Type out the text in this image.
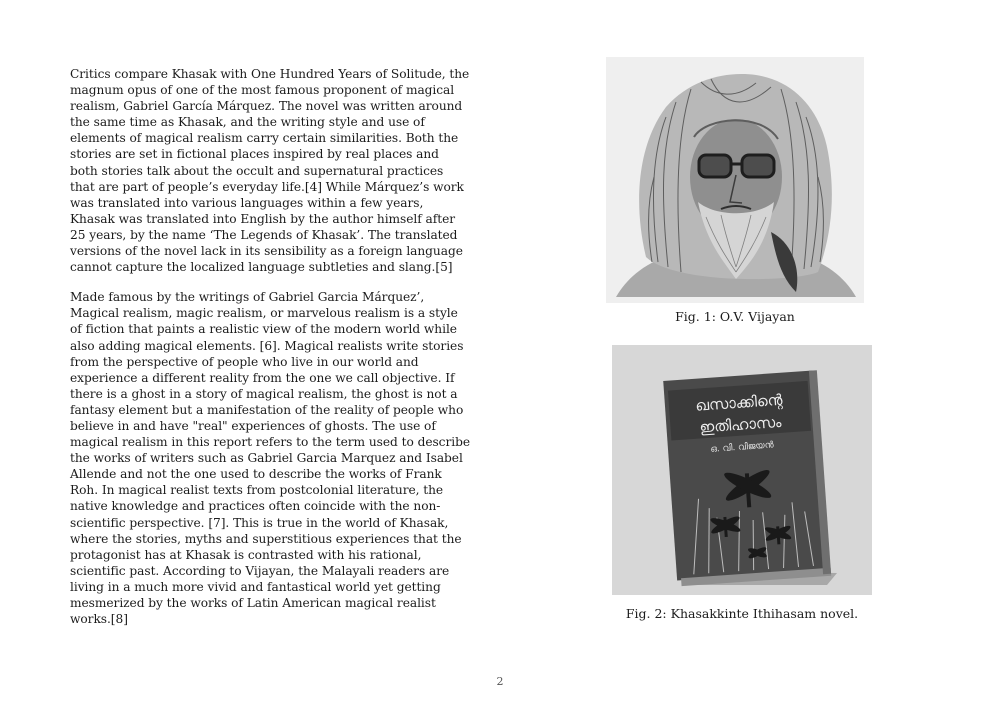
Critics compare Khasak with One Hundred Years of Solitude, the magnum opus of one of the most famous proponent of magical realism, Gabriel García Márquez. The novel was written around the same time as Khasak, and the writing style and use of elements of magical realism carry certain similarities. Both the stories are set in fictional places inspired by real places and both stories talk about the occult and supernatural practices that are part of people’s everyday life.[4] While Márquez’s work was translated into various languages within a few years, Khasak was translated into English by the author himself after 25 years, by the name ‘The Legends of Khasak’. The translated versions of the novel lack in its sensibility as a foreign language cannot capture the localized language subtleties and slang.[5]

Made famous by the writings of Gabriel Garcia Márquez’, Magical realism, magic realism, or marvelous realism is a style of fiction that paints a realistic view of the modern world while also adding magical elements. [6]. Magical realists write stories from the perspective of people who live in our world and experience a different reality from the one we call objective. If there is a ghost in a story of magical realism, the ghost is not a fantasy element but a manifestation of the reality of people who believe in and have "real" experiences of ghosts. The use of magical realism in this report refers to the term used to describe the works of writers such as Gabriel Garcia Marquez and Isabel Allende and not the one used to describe the works of Frank Roh. In magical realist texts from postcolonial literature, the native knowledge and practices often coincide with the non-scientific perspective. [7]. This is true in the world of Khasak, where the stories, myths and superstitious experiences that the protagonist has at Khasak is contrasted with his rational, scientific past. According to Vijayan, the Malayali readers are living in a much more vivid and fantastical world yet getting mesmerized by the works of Latin American magical realist works.[8]

Fig. 1: O.V. Vijayan
ഖസാക്കിന്റെ
ഇതിഹാസം
ഒ. വി. വിജയൻ
Fig. 2: Khasakkinte Ithihasam novel.
2
